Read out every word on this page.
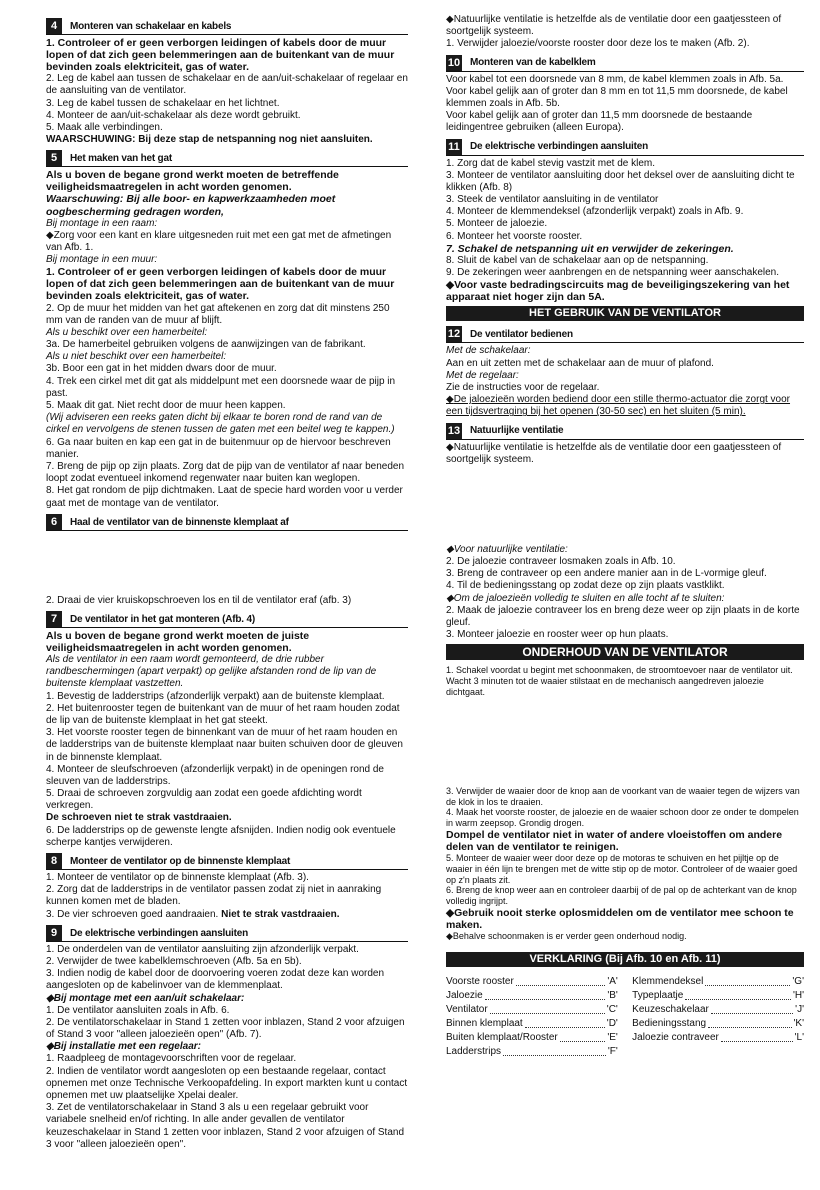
4	Monteren van schakelaar en kabels

1. Controleer of er geen verborgen leidingen of kabels door de muur lopen of dat zich geen belemmeringen aan de buitenkant van de muur bevinden zoals elektriciteit, gas of water.

2. Leg de kabel aan tussen de schakelaar en de aan/uit-schakelaar of regelaar en de aansluiting van de ventilator.

3. Leg de kabel tussen de schakelaar en het lichtnet.

4. Monteer de aan/uit-schakelaar als deze wordt gebruikt.

5. Maak alle verbindingen.

WAARSCHUWING: Bij deze stap de netspanning nog niet aansluiten.

5	Het maken van het gat

Als u boven de begane grond werkt moeten de betreffende veiligheidsmaatregelen in acht worden genomen.

Waarschuwing: Bij alle boor- en kapwerkzaamheden moet oogbescherming gedragen worden,

Bij montage in een raam:

◆ Zorg voor een kant en klare uitgesneden ruit met een gat met de afmetingen van Afb. 1.

Bij montage in een muur:

1. Controleer of er geen verborgen leidingen of kabels door de muur lopen of dat zich geen belemmeringen aan de buitenkant van de muur bevinden zoals elektriciteit, gas of water.

2. Op de muur het midden van het gat aftekenen en zorg dat dit minstens 250 mm van de randen van de muur af blijft.

Als u beschikt over een hamerbeitel:

3a. De hamerbeitel gebruiken volgens de aanwijzingen van de fabrikant.

Als u niet beschikt over een hamerbeitel:

3b. Boor een gat in het midden dwars door de muur.

4. Trek een cirkel met dit gat als middelpunt met een doorsnede waar de pijp in past.

5. Maak dit gat. Niet recht door de muur heen kappen.

(Wij adviseren een reeks gaten dicht bij elkaar te boren rond de rand van de cirkel en vervolgens de stenen tussen de gaten met een beitel weg te kappen.)

6. Ga naar buiten en kap een gat in de buitenmuur op de hiervoor beschreven manier.

7. Breng de pijp op zijn plaats. Zorg dat de pijp van de ventilator af naar beneden loopt zodat eventueel inkomend regenwater naar buiten kan weglopen.

8. Het gat rondom de pijp dichtmaken. Laat de specie hard worden voor u verder gaat met de montage van de ventilator.

6	Haal de ventilator van de binnenste klemplaat af

2. Draai de vier kruiskopschroeven los en til de ventilator eraf (afb. 3)

7	De ventilator in het gat monteren (Afb. 4)

Als u boven de begane grond werkt moeten de juiste veiligheidsmaatregelen in acht worden genomen.

Als de ventilator in een raam wordt gemonteerd, de drie rubber randbeschermingen (apart verpakt) op gelijke afstanden rond de lip van de buitenste klemplaat vastzetten.

1. Bevestig de ladderstrips (afzonderlijk verpakt) aan de buitenste klemplaat.

2. Het buitenrooster tegen de buitenkant van de muur of het raam houden zodat de lip van de buitenste klemplaat in het gat steekt.

3. Het voorste rooster tegen de binnenkant van de muur of het raam houden en de ladderstrips van de buitenste klemplaat naar buiten schuiven door de gleuven in de binnenste klemplaat.

4. Monteer de sleufschroeven (afzonderlijk verpakt) in de openingen rond de sleuven van de ladderstrips.

5. Draai de schroeven zorgvuldig aan zodat een goede afdichting wordt verkregen.

De schroeven niet te strak vastdraaien.

6. De ladderstrips op de gewenste lengte afsnijden. Indien nodig ook eventuele scherpe kantjes verwijderen.

8	Monteer de ventilator op de binnenste klemplaat

1. Monteer de ventilator op de binnenste klemplaat (Afb. 3).

2. Zorg dat de ladderstrips in de ventilator passen zodat zij niet in aanraking kunnen komen met de bladen.

3. De vier schroeven goed aandraaien. Niet te strak vastdraaien.

9	De elektrische verbindingen aansluiten

1. De onderdelen van de ventilator aansluiting zijn afzonderlijk verpakt.

2. Verwijder de twee kabelklemschroeven (Afb. 5a en 5b).

3. Indien nodig de kabel door de doorvoering voeren zodat deze kan worden aangesloten op de kabelinvoer van de klemmenplaat.

◆ Bij montage met een aan/uit schakelaar:

1. De ventilator aansluiten zoals in Afb. 6.

2. De ventilatorschakelaar in Stand 1 zetten voor inblazen, Stand 2 voor afzuigen of Stand 3 voor "alleen jaloezieën open" (Afb. 7).

◆ Bij installatie met een regelaar:

1. Raadpleeg de montagevoorschriften voor de regelaar.

2. Indien de ventilator wordt aangesloten op een bestaande regelaar, contact opnemen met onze Technische Verkoopafdeling. In export markten kunt u contact opnemen met uw plaatselijke Xpelai dealer.

3. Zet de ventilatorschakelaar in Stand 3 als u een regelaar gebruikt voor variabele snelheid en/of richting. In alle ander gevallen de ventilator keuzeschakelaar in Stand 1 zetten voor inblazen, Stand 2 voor afzuigen of Stand 3 voor "alleen jaloezieën open".

◆ Natuurlijke ventilatie is hetzelfde als de ventilatie door een gaatjessteen of soortgelijk systeem.

1. Verwijder jaloezie/voorste rooster door deze los te maken (Afb. 2).

10 Monteren van de kabelklem

Voor kabel tot een doorsnede van 8 mm, de kabel klemmen zoals in Afb. 5a.

Voor kabel gelijk aan of groter dan 8 mm en tot 11,5 mm doorsnede, de kabel klemmen zoals in Afb. 5b.

Voor kabel gelijk aan of groter dan 11,5 mm doorsnede de bestaande leidingentree gebruiken (alleen Europa).

11 De elektrische verbindingen aansluiten

1. Zorg dat de kabel stevig vastzit met de klem.

3. Monteer de ventilator aansluiting door het deksel over de aansluiting dicht te klikken (Afb. 8)

3. Steek de ventilator aansluiting in de ventilator

4. Monteer de klemmendeksel (afzonderlijk verpakt) zoals in Afb. 9.

5. Monteer de jaloezie.

6. Monteer het voorste rooster.

7. Schakel de netspanning uit en verwijder de zekeringen.

8. Sluit de kabel van de schakelaar aan op de netspanning.

9. De zekeringen weer aanbrengen en de netspanning weer aanschakelen.

◆ Voor vaste bedradingscircuits mag de beveiligingszekering van het apparaat niet hoger zijn dan 5A.

HET GEBRUIK VAN DE VENTILATOR
12 De ventilator bedienen

Met de schakelaar:

Aan en uit zetten met de schakelaar aan de muur of plafond.

Met de regelaar:

Zie de instructies voor de regelaar.

◆ De jaloezieën worden bediend door een stille thermo-actuator die zorgt voor een tijdsvertraging bij het openen (30-50 sec) en het sluiten (5 min).

13 Natuurlijke ventilatie

◆ Natuurlijke ventilatie is hetzelfde als de ventilatie door een gaatjessteen of soortgelijk systeem.

◆ Voor natuurlijke ventilatie:

2. De jaloezie contraveer losmaken zoals in Afb. 10.

3. Breng de contraveer op een andere manier aan in de L-vormige gleuf.

4. Til de bedieningsstang op zodat deze op zijn plaats vastklikt.

◆ Om de jaloezieën volledig te sluiten en alle tocht af te sluiten:

2. Maak de jaloezie contraveer los en breng deze weer op zijn plaats in de korte gleuf.

3. Monteer jaloezie en rooster weer op hun plaats.

ONDERHOUD VAN DE VENTILATOR

1. Schakel voordat u begint met schoonmaken, de stroomtoevoer naar de ventilator uit. Wacht 3 minuten tot de waaier stilstaat en de mechanisch aangedreven jaloezie dichtgaat.

3. Verwijder de waaier door de knop aan de voorkant van de waaier tegen de wijzers van de klok in los te draaien.

4. Maak het voorste rooster, de jaloezie en de waaier schoon door ze onder te dompelen in warm zeepsop. Grondig drogen.

Dompel de ventilator niet in water of andere vloeistoffen om andere delen van de ventilator te reinigen.

5. Monteer de waaier weer door deze op de motoras te schuiven en het pijltje op de waaier in één lijn te brengen met de witte stip op de motor. Controleer of de waaier goed op z'n plaats zit.

6. Breng de knop weer aan en controleer daarbij of de pal op de achterkant van de knop volledig ingrijpt.

◆ Gebruik nooit sterke oplosmiddelen om de ventilator mee schoon te maken.

◆ Behalve schoonmaken is er verder geen onderhoud nodig.

VERKLARING (Bij Afb. 10 en Afb. 11)
Voorste rooster	'A'
Jaloezie	'B'
Ventilator	'C'
Binnen klemplaat	'D'
Buiten klemplaat/Rooster	'E'
Ladderstrips	'F'
Klemmendeksel	'G'
Typeplaatje	'H'
Keuzeschakelaar	'J'
Bedieningsstang	'K'
Jaloezie contraveer	'L'
